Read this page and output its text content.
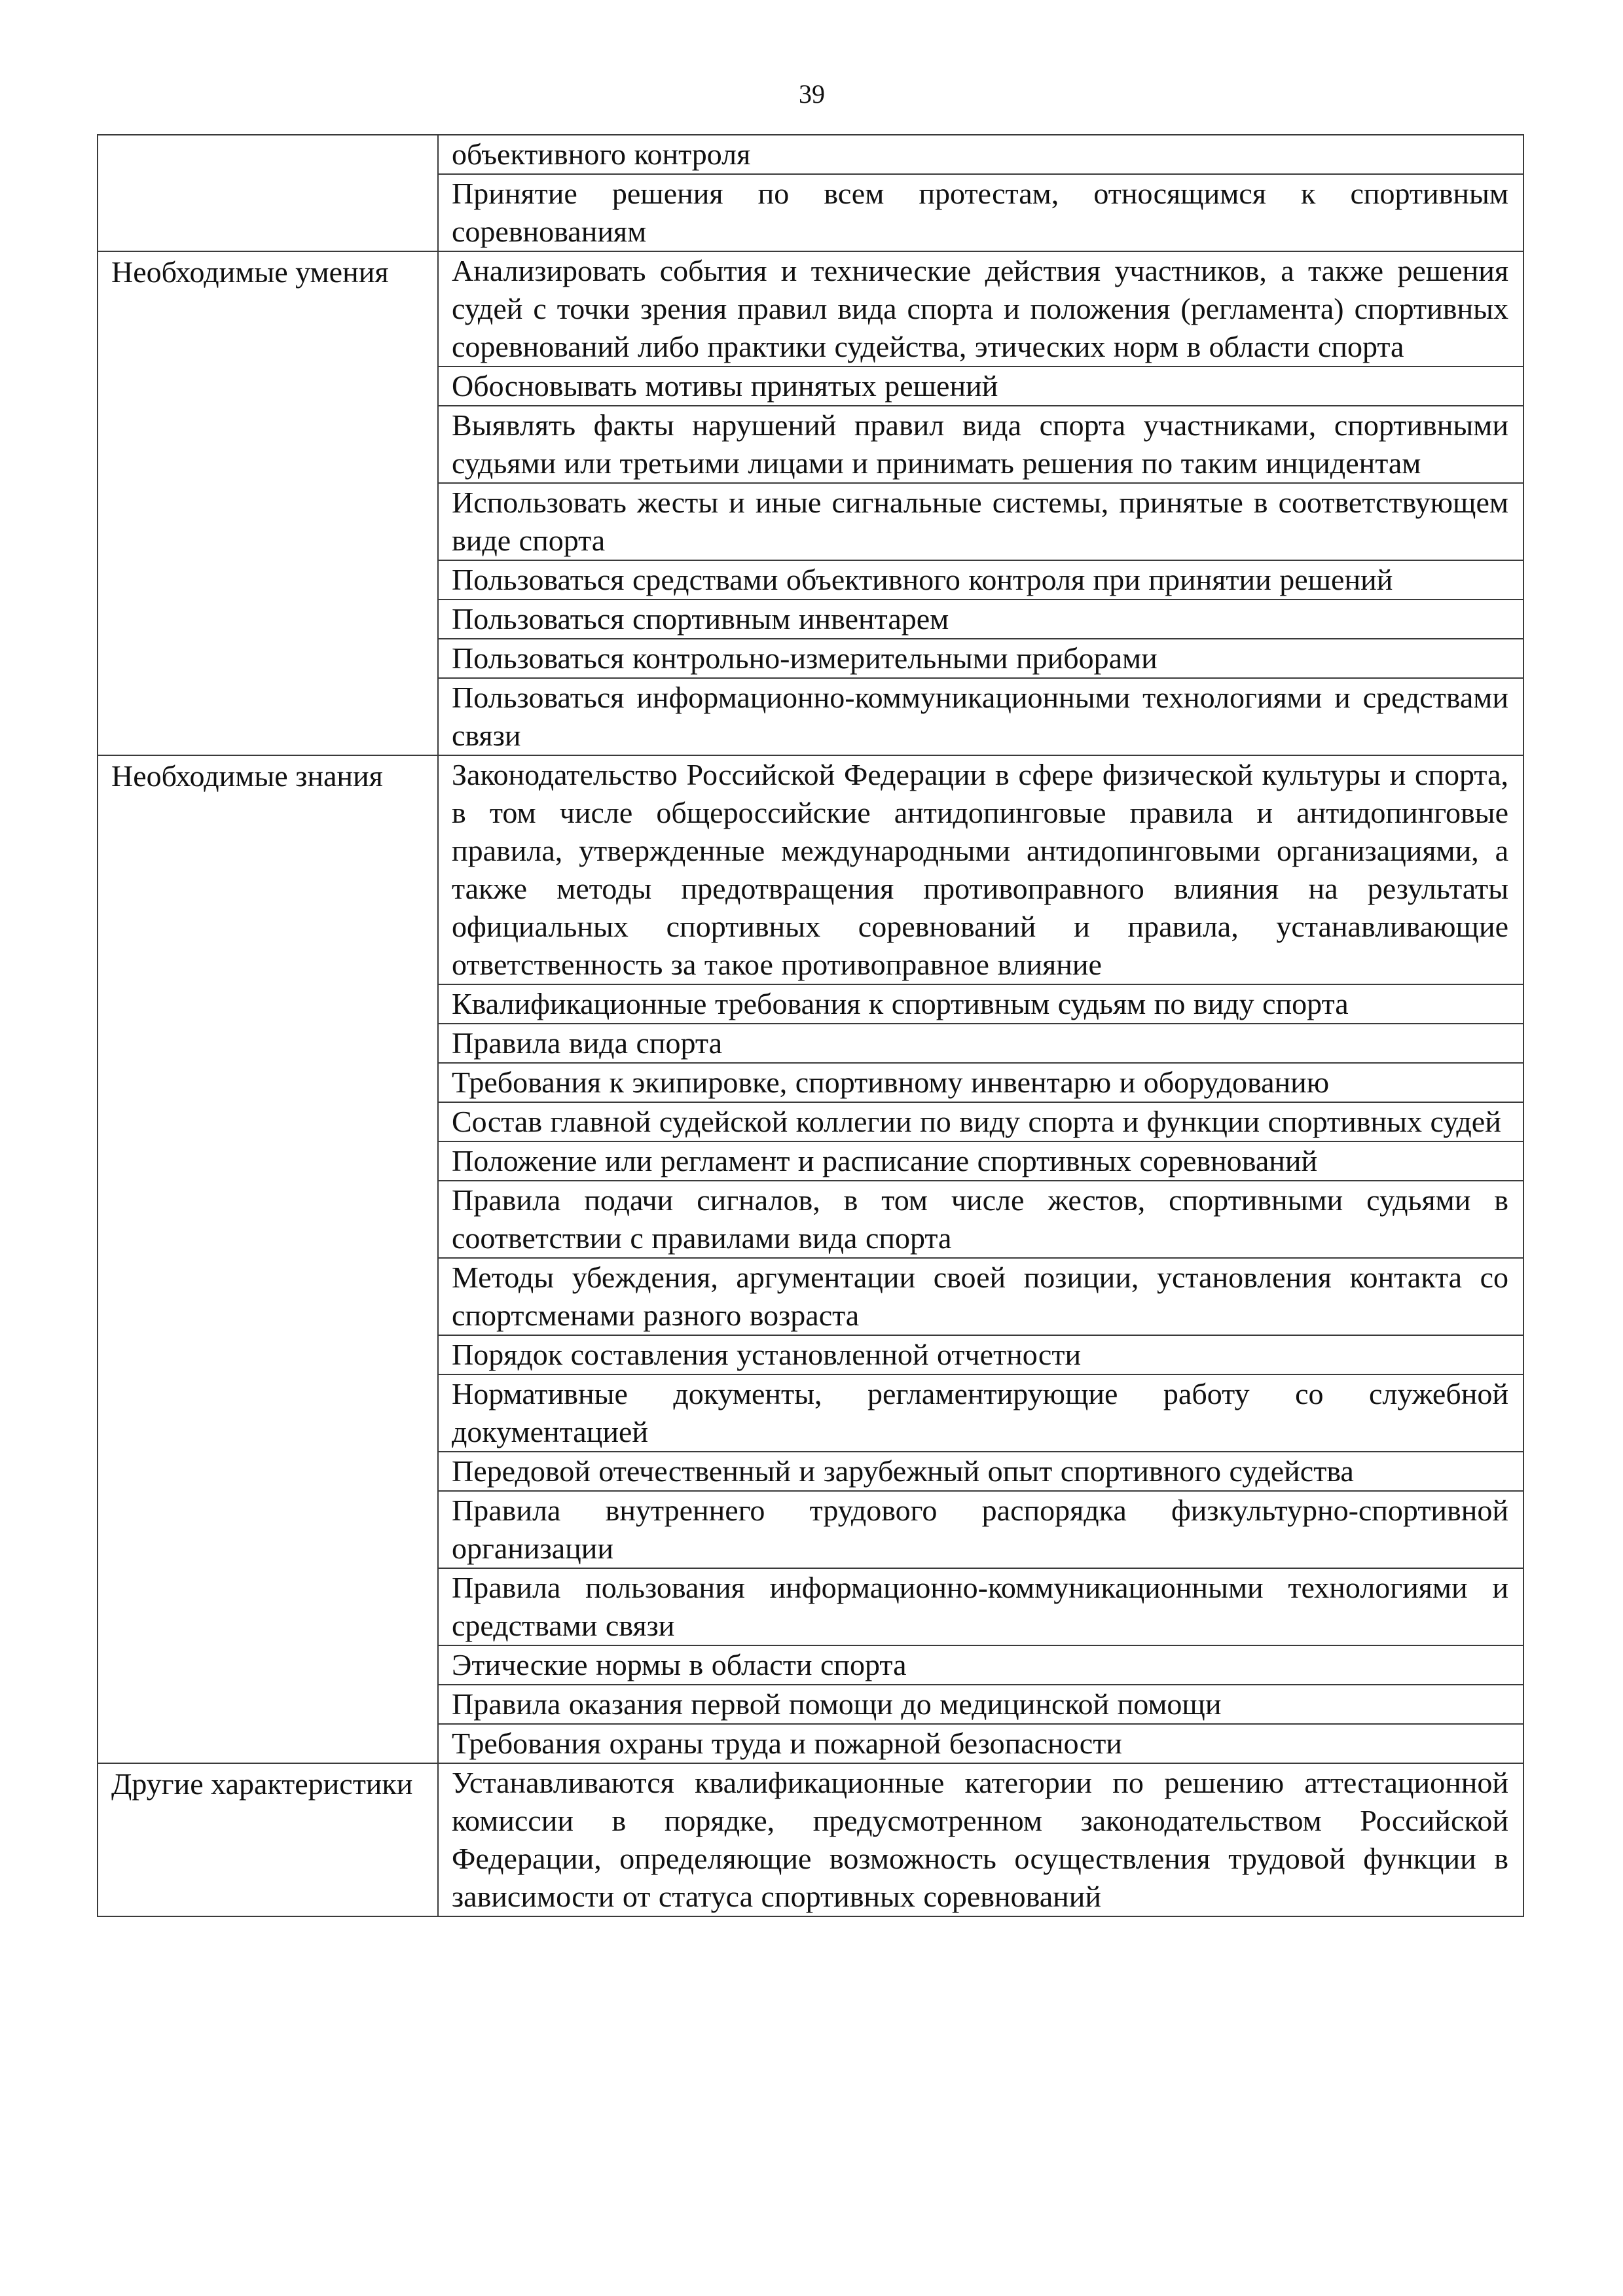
39
	объективного контроля
	Принятие решения по всем протестам, относящимся к спортивным соревнованиям
Необходимые умения	Анализировать события и технические действия участников, а также решения судей с точки зрения правил вида спорта и положения (регламента) спортивных соревнований либо практики судейства, этических норм в области спорта
	Обосновывать мотивы принятых решений
	Выявлять факты нарушений правил вида спорта участниками, спортивными судьями или третьими лицами и принимать решения по таким инцидентам
	Использовать жесты и иные сигнальные системы, принятые в соответствующем виде спорта
	Пользоваться средствами объективного контроля при принятии решений
	Пользоваться спортивным инвентарем
	Пользоваться контрольно-измерительными приборами
	Пользоваться информационно-коммуникационными технологиями и средствами связи
Необходимые знания	Законодательство Российской Федерации в сфере физической культуры и спорта, в том числе общероссийские антидопинговые правила и антидопинговые правила, утвержденные международными антидопинговыми организациями, а также методы предотвращения противоправного влияния на результаты официальных спортивных соревнований и правила, устанавливающие ответственность за такое противоправное влияние
	Квалификационные требования к спортивным судьям по виду спорта
	Правила вида спорта
	Требования к экипировке, спортивному инвентарю и оборудованию
	Состав главной судейской коллегии по виду спорта и функции спортивных судей
	Положение или регламент и расписание спортивных соревнований
	Правила подачи сигналов, в том числе жестов, спортивными судьями в соответствии с правилами вида спорта
	Методы убеждения, аргументации своей позиции, установления контакта со спортсменами разного возраста
	Порядок составления установленной отчетности
	Нормативные документы, регламентирующие работу со служебной документацией
	Передовой отечественный и зарубежный опыт спортивного судейства
	Правила внутреннего трудового распорядка физкультурно-спортивной организации
	Правила пользования информационно-коммуникационными технологиями и средствами связи
	Этические нормы в области спорта
	Правила оказания первой помощи до медицинской помощи
	Требования охраны труда и пожарной безопасности
Другие характеристики	Устанавливаются квалификационные категории по решению аттестационной комиссии в порядке, предусмотренном законодательством Российской Федерации, определяющие возможность осуществления трудовой функции в зависимости от статуса спортивных соревнований
